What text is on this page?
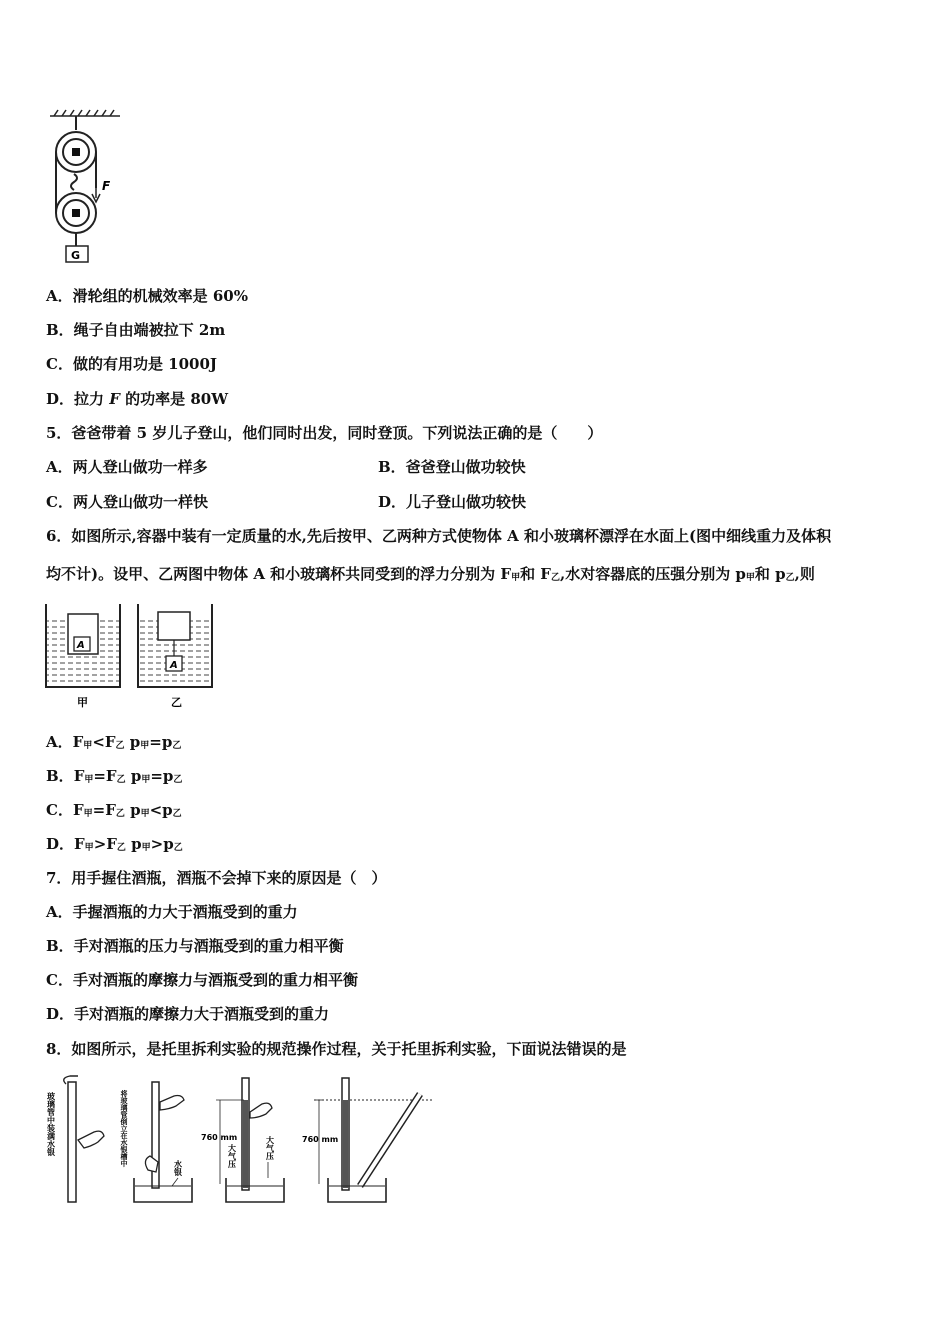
F
G
A．滑轮组的机械效率是 60%
B．绳子自由端被拉下 2m
C．做的有用功是 1000J
D．拉力 F 的功率是 80W
5．爸爸带着 5 岁儿子登山，他们同时出发，同时登顶。下列说法正确的是（　　）
A．两人登山做功一样多	B．爸爸登山做功较快
C．两人登山做功一样快	D．儿子登山做功较快
6．如图所示,容器中装有一定质量的水,先后按甲、乙两种方式使物体 A 和小玻璃杯漂浮在水面上(图中细线重力及体积
均不计)。设甲、乙两图中物体 A 和小玻璃杯共同受到的浮力分别为 F甲和 F乙,水对容器底的压强分别为 p甲和 p乙,则
A
A
甲	乙
A．F甲<F乙 p甲=p乙
B．F甲=F乙 p甲=p乙
C．F甲=F乙 p甲<p乙
D．F甲>F乙 p甲>p乙
7．用手握住酒瓶，酒瓶不会掉下来的原因是（　）
A．手握酒瓶的力大于酒瓶受到的重力
B．手对酒瓶的压力与酒瓶受到的重力相平衡
C．手对酒瓶的摩擦力与酒瓶受到的重力相平衡
D．手对酒瓶的摩擦力大于酒瓶受到的重力
8．如图所示，是托里拆利实验的规范操作过程，关于托里拆利实验，下面说法错误的是
玻璃管中装满水银	将玻璃管倒立在水银槽中
水银
760 mm
大气压	大气压	760 mm
